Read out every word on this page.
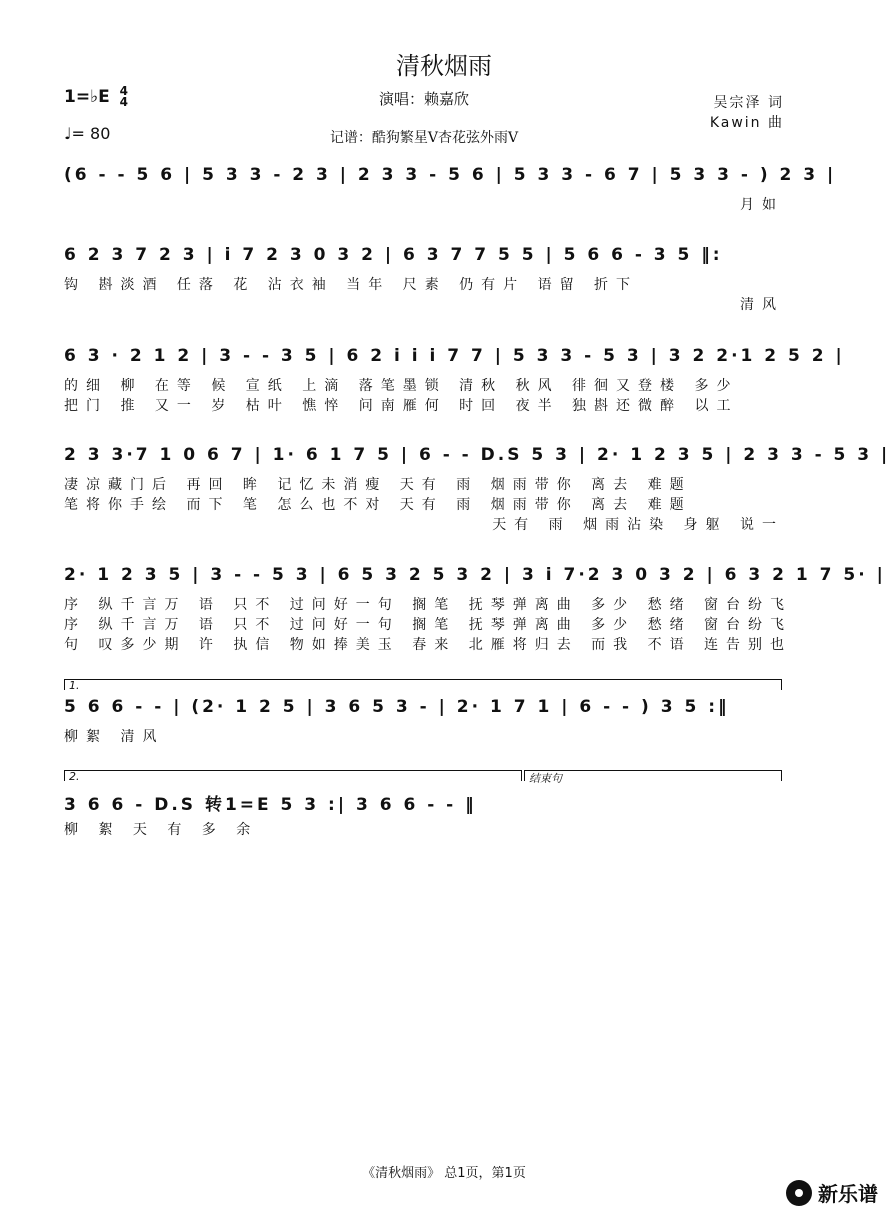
清秋烟雨
演唱：赖嘉欣
记谱：酷狗繁星V杏花弦外雨V
1=♭E 4
4
♩= 80
吴宗泽 词
Kawin 曲
(6 - - 5 6 | 5 3 3 - 2 3 | 2 3 3 - 5 6 | 5 3 3 - 6 7 | 5 3 3 - ) 2 3 |
月如
6 2 3 7 2 3 | i 7 2 3 0 3 2 | 6 3 7 7 5 5 | 5 6 6 - 3 5 ‖:
钩 斟淡酒 任落 花 沾衣袖 当年 尺素 仍有片 语留 折下
清风
6 3 · 2 1 2 | 3 - - 3 5 | 6 2 i i i 7 7 | 5 3 3 - 5 3 | 3 2 2·1 2 5 2 |
的细 柳 在等 候 宣纸 上滴 落笔墨锁 清秋 秋风 徘徊又登楼 多少
把门 推 又一 岁 枯叶 憔悴 问南雁何 时回 夜半 独斟还微醉 以工
2 3 3·7 1 0 6 7 | 1· 6 1 7 5 | 6 - - D.S 5 3 | 2· 1 2 3 5 | 2 3 3 - 5 3 |
凄凉藏门后 再回 眸 记忆未消瘦 天有 雨 烟雨带你 离去 难题
笔将你手绘 而下 笔 怎么也不对 天有 雨 烟雨带你 离去 难题
天有 雨 烟雨沾染 身躯 说一
2· 1 2 3 5 | 3 - - 5 3 | 6 5 3 2 5 3 2 | 3 i 7·2 3 0 3 2 | 6 3 2 1 7 5· |
序 纵千言万 语 只不 过问好一句 搁笔 抚琴弹离曲 多少 愁绪 窗台纷飞
序 纵千言万 语 只不 过问好一句 搁笔 抚琴弹离曲 多少 愁绪 窗台纷飞
句 叹多少期 许 执信 物如捧美玉 春来 北雁将归去 而我 不语 连告别也
1.
5 6 6 - - | (2· 1 2 5 | 3 6 5 3 - | 2· 1 7 1 | 6 - - ) 3 5 :‖
柳絮 清风
2.	结束句
3 6 6 - D.S 转1=E 5 3 :| 3 6 6 - - ‖
柳 絮 天 有 多 余
《清秋烟雨》 总1页，第1页
新乐谱
